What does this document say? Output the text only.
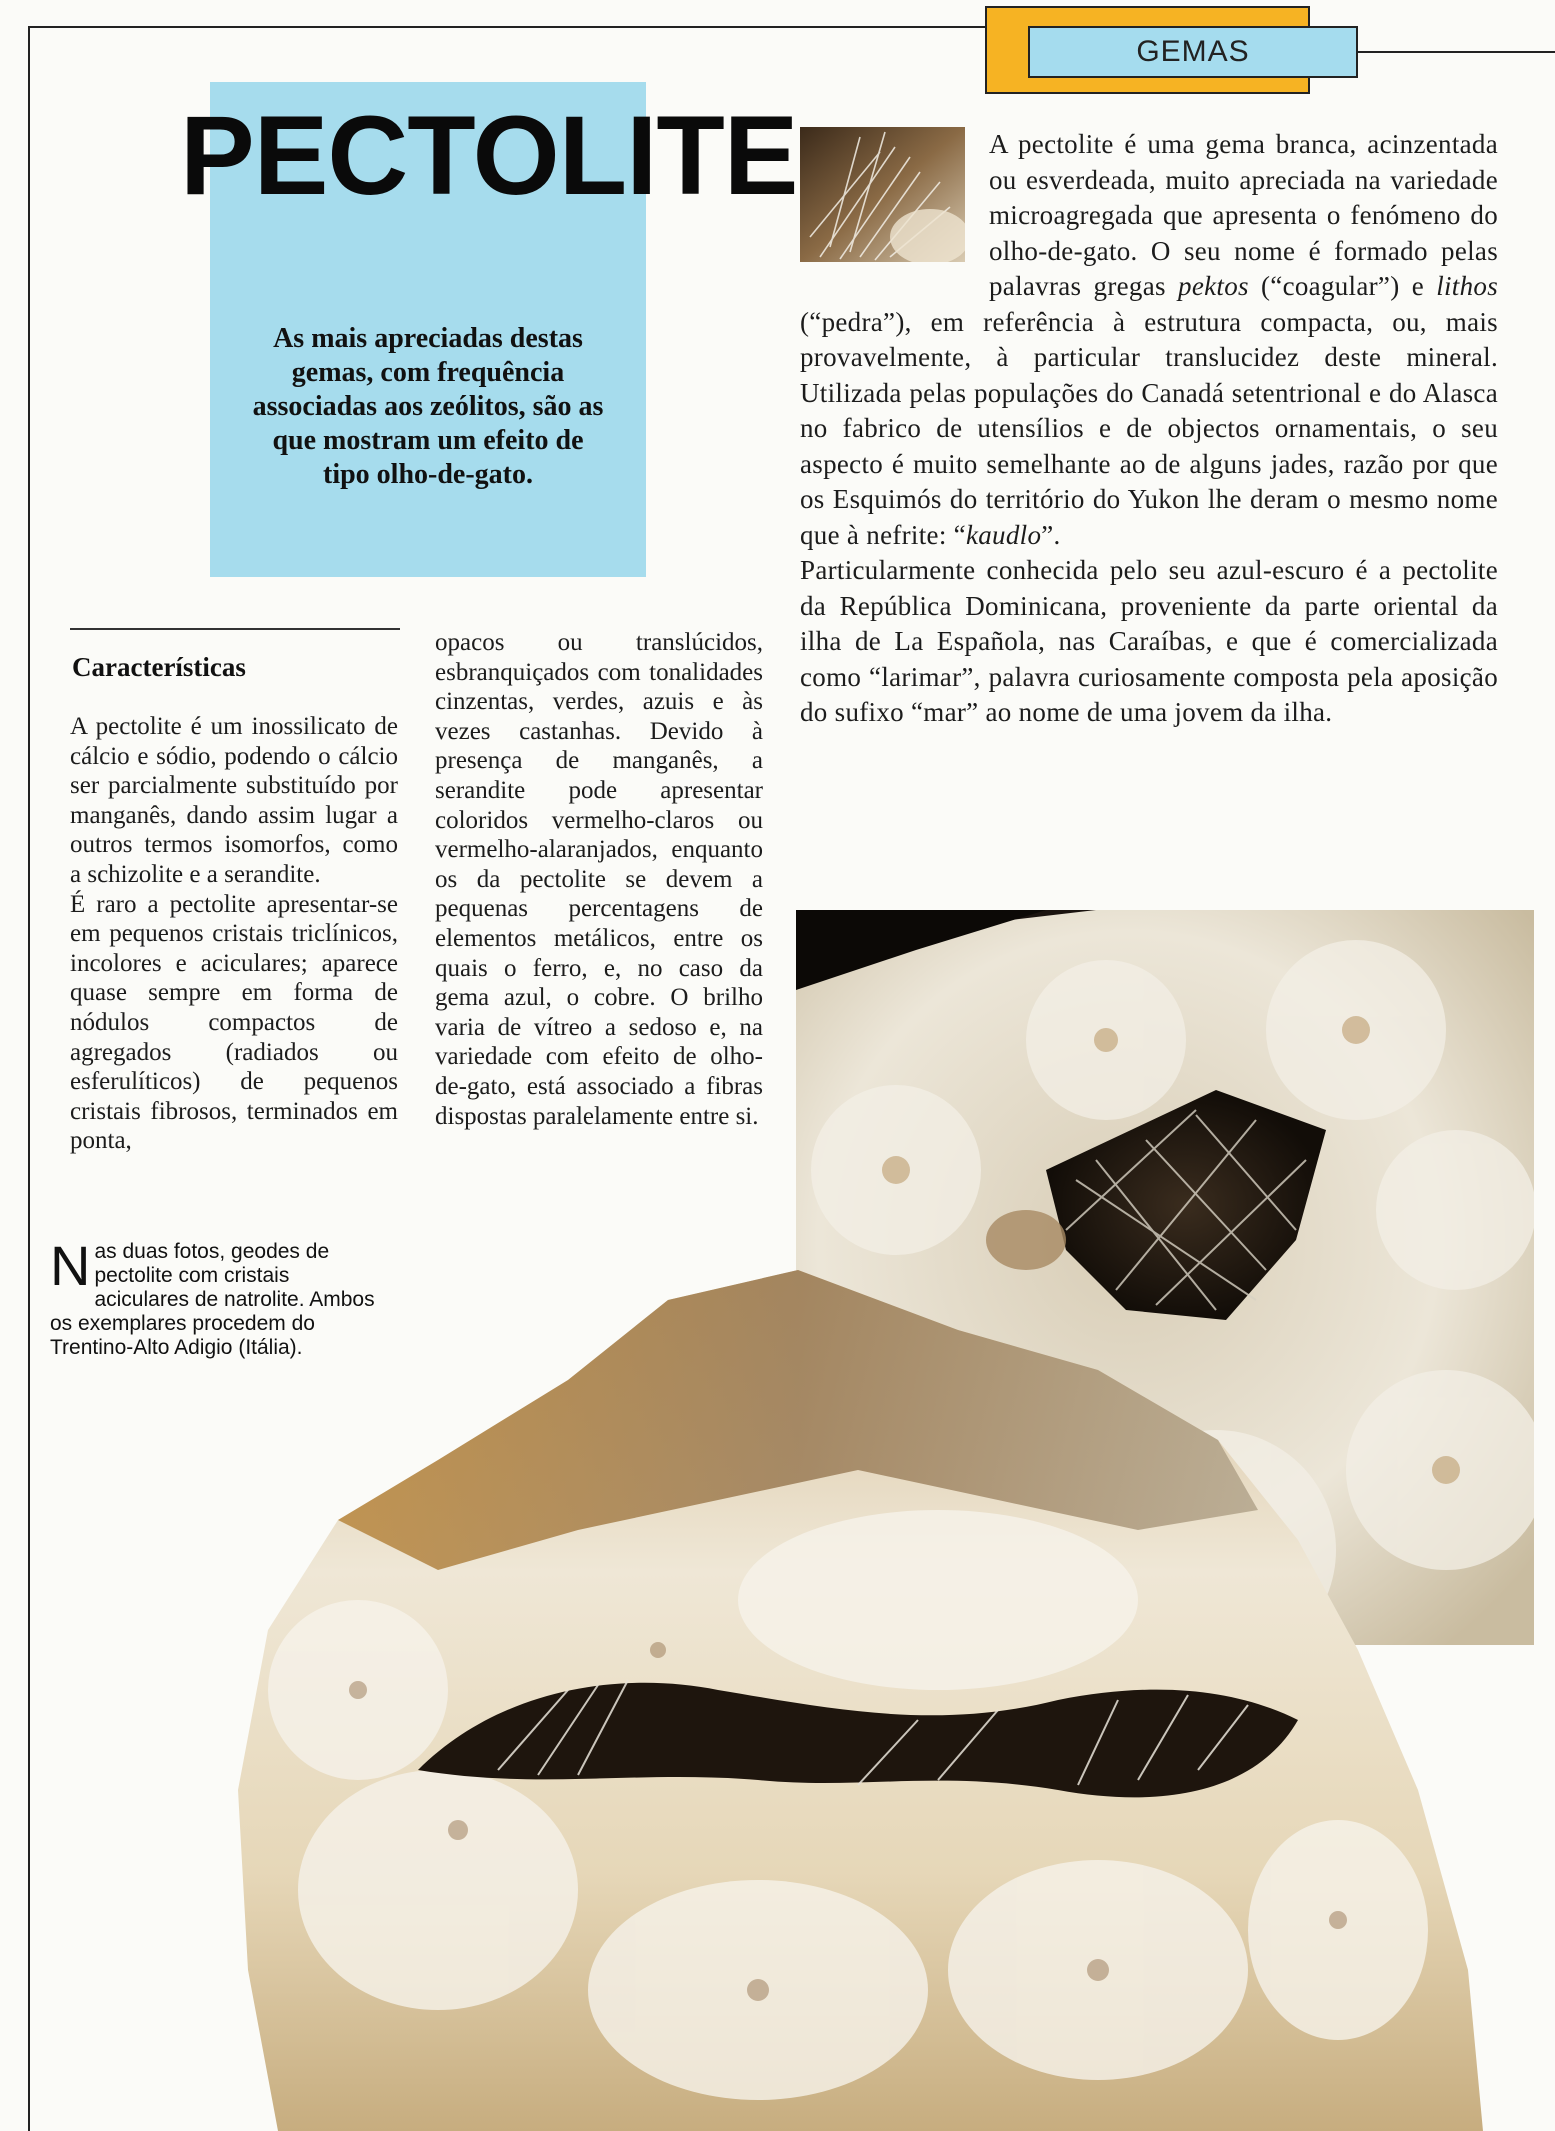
GEMAS
PECTOLITE
As mais apreciadas destas gemas, com frequência associadas aos zeólitos, são as que mostram um efeito de tipo olho-de-gato.
Características

A pectolite é um inossilicato de cálcio e sódio, podendo o cálcio ser parcialmente substituído por manganês, dando assim lugar a outros termos isomorfos, como a schizolite e a serandite.

É raro a pectolite apresentar-se em pequenos cristais triclínicos, incolores e aciculares; aparece quase sempre em forma de nódulos compactos de agregados (radiados ou esferulíticos) de pequenos cristais fibrosos, terminados em ponta,

opacos ou translúcidos, esbranquiçados com tonalidades cinzentas, verdes, azuis e às vezes castanhas. Devido à presença de manganês, a serandite pode apresentar coloridos vermelho-claros ou vermelho-alaranjados, enquanto os da pectolite se devem a pequenas percentagens de elementos metálicos, entre os quais o ferro, e, no caso da gema azul, o cobre. O brilho varia de vítreo a sedoso e, na variedade com efeito de olho-de-gato, está associado a fibras dispostas paralelamente entre si.

A pectolite é uma gema branca, acinzentada ou esverdeada, muito apreciada na variedade microagregada que apresenta o fenómeno do olho-de-gato. O seu nome é formado pelas palavras gregas pektos (“coagular”) e lithos (“pedra”), em referência à estrutura compacta, ou, mais provavelmente, à particular translucidez deste mineral. Utilizada pelas populações do Canadá setentrional e do Alasca no fabrico de utensílios e de objectos ornamentais, o seu aspecto é muito semelhante ao de alguns jades, razão por que os Esquimós do território do Yukon lhe deram o mesmo nome que à nefrite: “kaudlo”.

Particularmente conhecida pelo seu azul-escuro é a pectolite da República Dominicana, proveniente da parte oriental da ilha de La Española, nas Caraíbas, e que é comercializada como “larimar”, palavra curiosamente composta pela aposição do sufixo “mar” ao nome de uma jovem da ilha.

Nas duas fotos, geodes de pectolite com cristais aciculares de natrolite. Ambos os exemplares procedem do Trentino-Alto Adigio (Itália).
